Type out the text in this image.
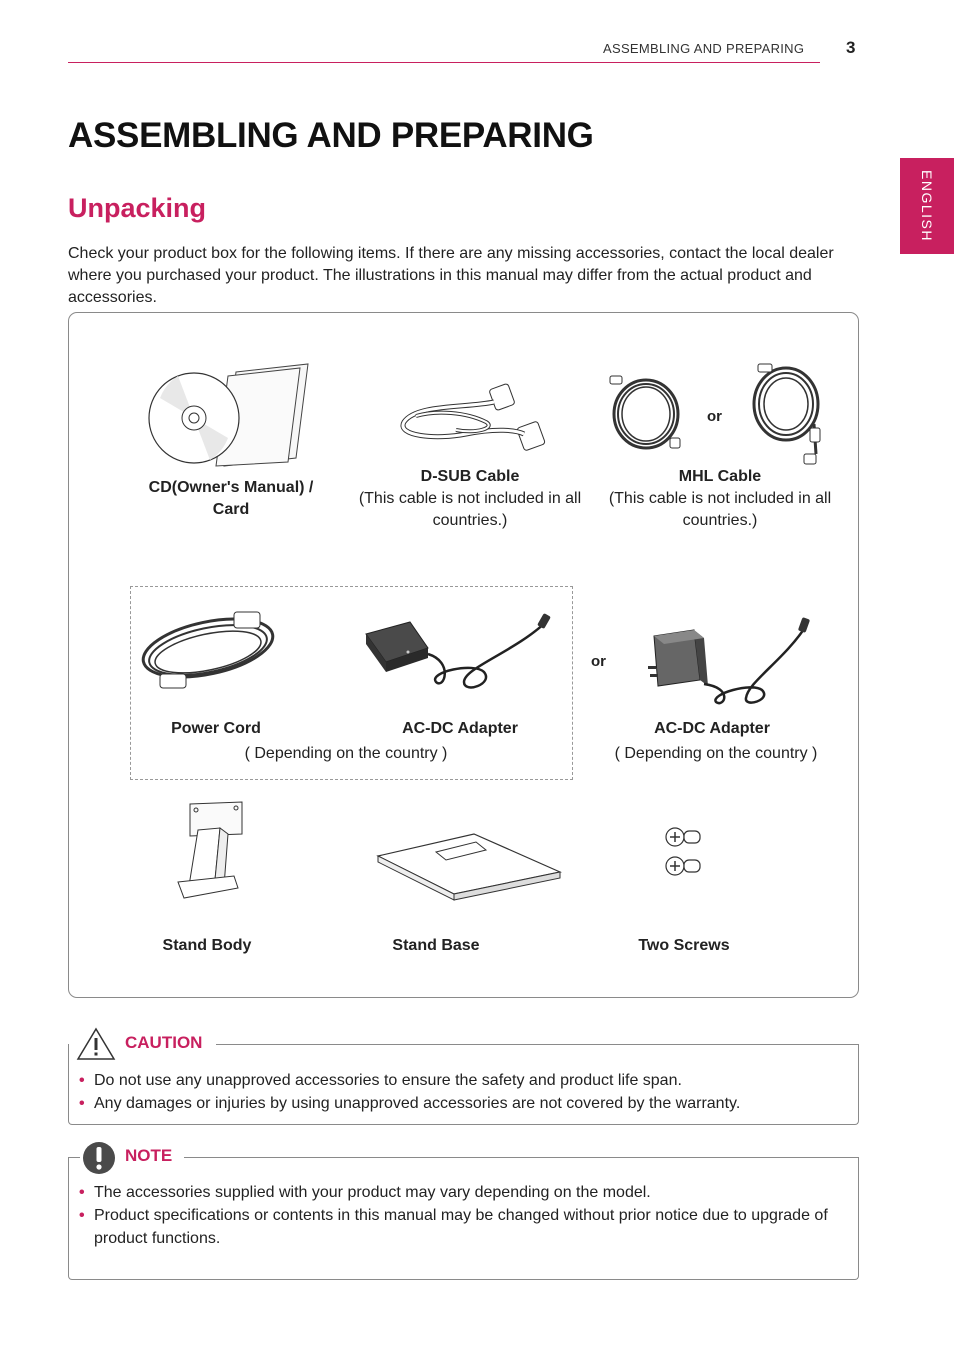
ASSEMBLING AND PREPARING 3
ENGLISH
ASSEMBLING AND PREPARING
Unpacking
Check your product box for the following items. If there are any missing accessories, contact the local dealer where you purchased your product. The illustrations in this manual may differ from the actual product and accessories.
CD(Owner's Manual) /
Card
D-SUB Cable
(This cable is not included in all
countries.)
or
MHL Cable
(This cable is not included in all
countries.)
Power Cord	AC-DC Adapter
( Depending on the country )
or
AC-DC Adapter
( Depending on the country )
Stand Body	Stand Base	Two Screws
CAUTION
• Do not use any unapproved accessories to ensure the safety and product life span.
• Any damages or injuries by using unapproved accessories are not covered by the warranty.
NOTE
• The accessories supplied with your product may vary depending on the model.
• Product specifications or contents in this manual may be changed without prior notice due to upgrade of product functions.
